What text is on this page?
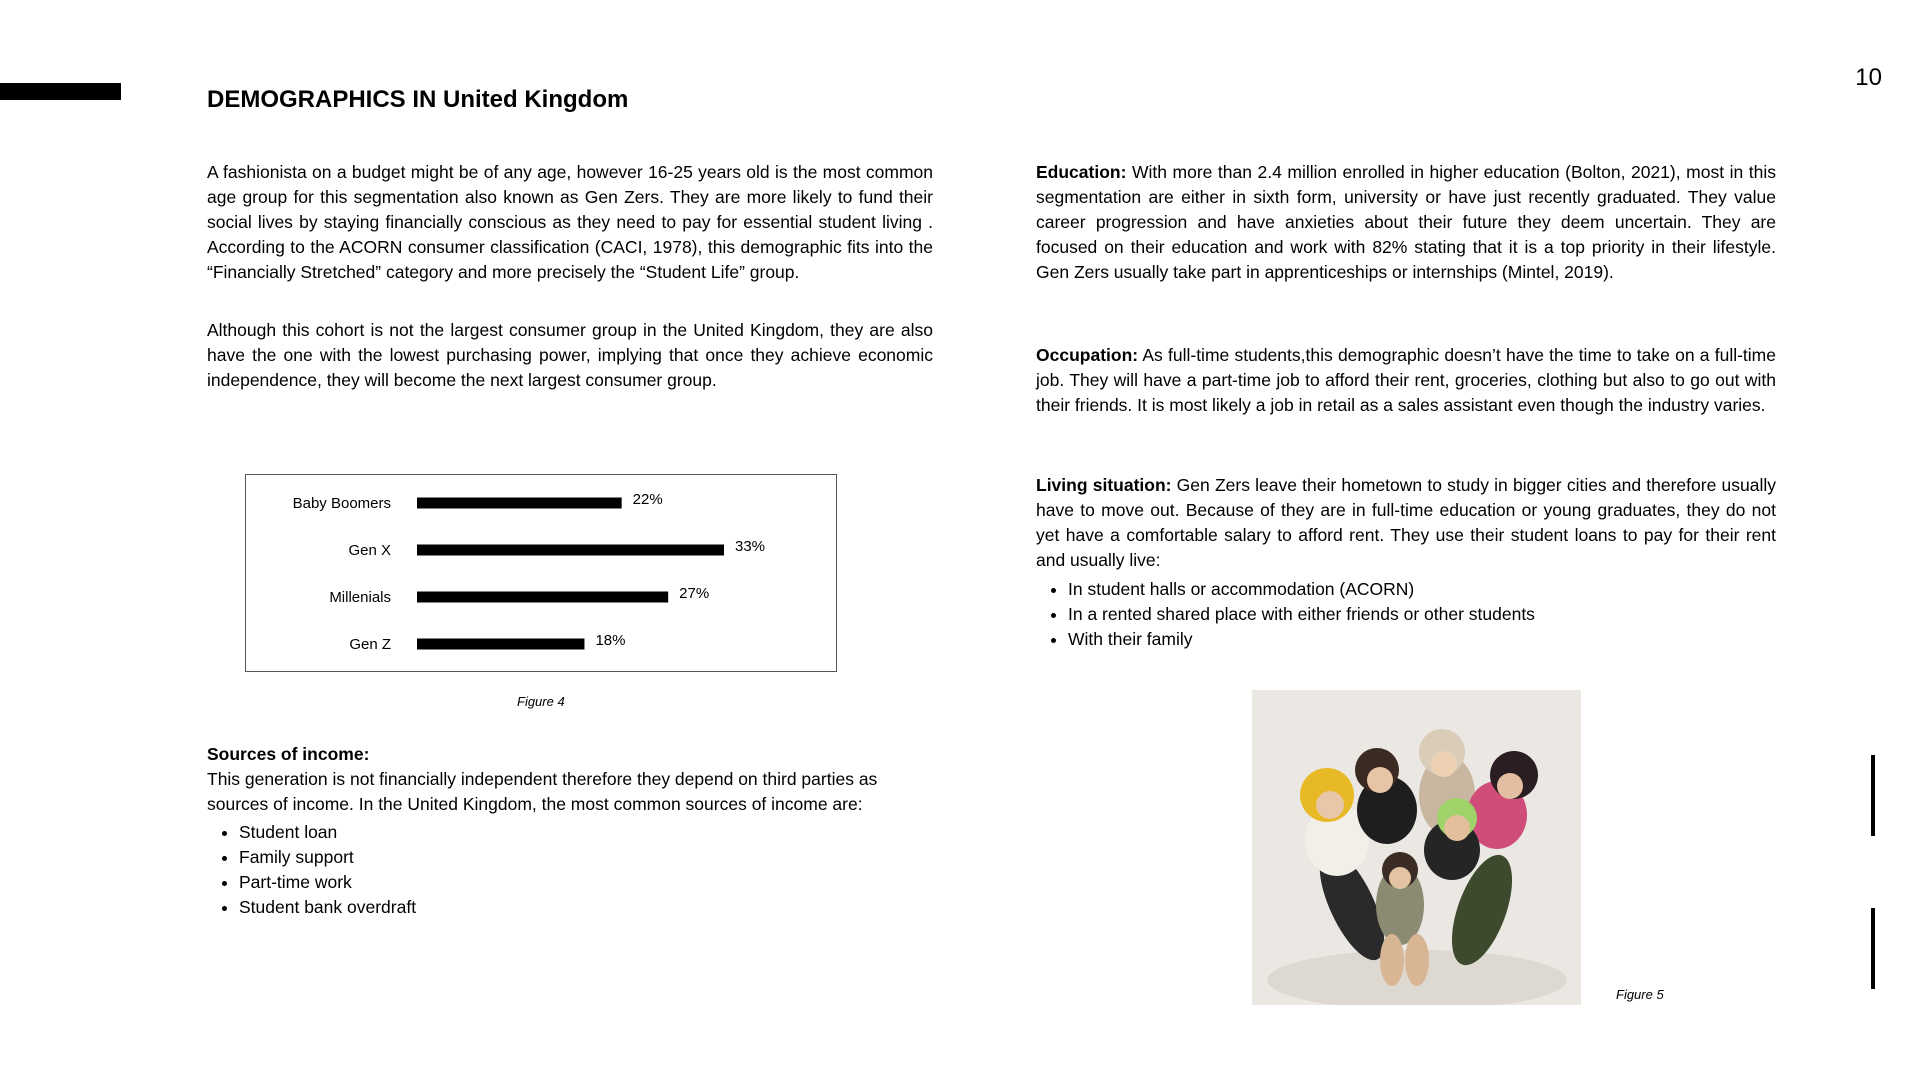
10
DEMOGRAPHICS IN United Kingdom

A fashionista on a budget might be of any age, however 16-25 years old is the most common age group for this segmentation also known as Gen Zers. They are more likely to fund their social lives by staying financially conscious as they need to pay for essential student living . According to the ACORN consumer classification (CACI, 1978), this demographic fits into the “Financially Stretched” category and more precisely the “Student Life” group.

Although this cohort is not the largest consumer group in the United Kingdom, they are also have the one with the lowest purchasing power, implying that once they achieve economic independence, they will become the next largest consumer group.

Baby Boomers	22%
Gen X	33%
Millenials	27%
Gen Z	18%
Figure 4
Sources of income:

This generation is not financially independent therefore they depend on third parties as sources of income. In the United Kingdom, the most common sources of income are:

• Student loan
• Family support
• Part-time work
• Student bank overdraft

Education: With more than 2.4 million enrolled in higher education (Bolton, 2021), most in this segmentation are either in sixth form, university or have just recently graduated. They value career progression and have anxieties about their future they deem uncertain. They are focused on their education and work with 82% stating that it is a top priority in their lifestyle. Gen Zers usually take part in apprenticeships or internships (Mintel, 2019).

Occupation: As full-time students,this demographic doesn’t have the time to take on a full-time job. They will have a part-time job to afford their rent, groceries, clothing but also to go out with their friends. It is most likely a job in retail as a sales assistant even though the industry varies.

Living situation: Gen Zers leave their hometown to study in bigger cities and therefore usually have to move out. Because of they are in full-time education or young graduates, they do not yet have a comfortable salary to afford rent. They use their student loans to pay for their rent and usually live:

• In student halls or accommodation (ACORN)
• In a rented shared place with either friends or other students
• With their family
Figure 5
